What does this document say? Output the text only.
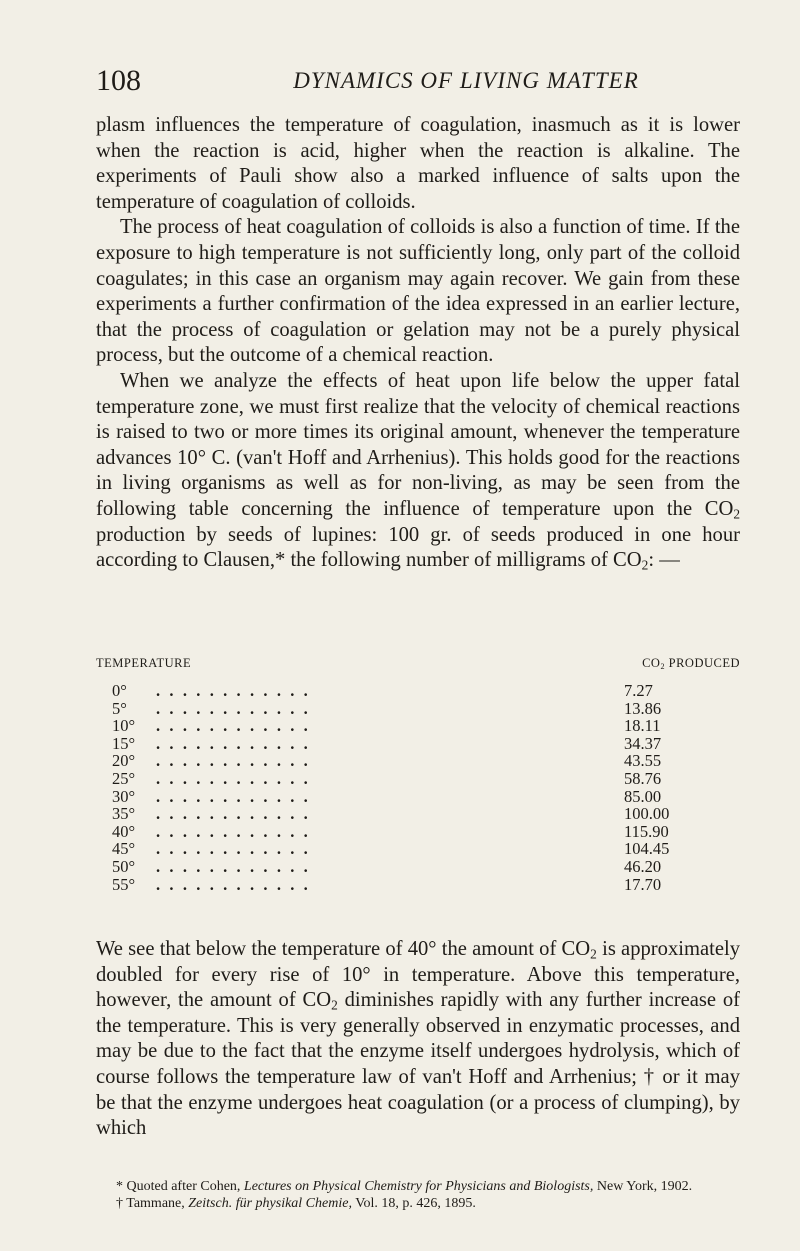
108	DYNAMICS OF LIVING MATTER

plasm influences the temperature of coagulation, inasmuch as it is lower when the reaction is acid, higher when the reaction is alkaline. The experiments of Pauli show also a marked influence of salts upon the temperature of coagulation of colloids.

The process of heat coagulation of colloids is also a function of time. If the exposure to high temperature is not sufficiently long, only part of the colloid coagulates; in this case an organism may again recover. We gain from these experiments a further confirmation of the idea expressed in an earlier lecture, that the process of coagulation or gelation may not be a purely physical process, but the outcome of a chemical reaction.

When we analyze the effects of heat upon life below the upper fatal temperature zone, we must first realize that the velocity of chemical reactions is raised to two or more times its original amount, whenever the temperature advances 10° C. (van't Hoff and Arrhenius). This holds good for the reactions in living organisms as well as for non-living, as may be seen from the following table concerning the influence of temperature upon the $CO_2$ production by seeds of lupines: 100 gr. of seeds produced in one hour according to Clausen,* the following number of milligrams of $CO_2$: —

TEMPERATURE	$CO_2$ PRODUCED
0° ............	7.27
5° ............	13.86
10° ............	18.11
15° ............	34.37
20° ............	43.55
25° ............	58.76
30° ............	85.00
35° ............	100.00
40° ............	115.90
45° ............	104.45
50° ............	46.20
55° ............	17.70

We see that below the temperature of 40° the amount of $CO_2$ is approximately doubled for every rise of 10° in temperature. Above this temperature, however, the amount of $CO_2$ diminishes rapidly with any further increase of the temperature. This is very generally observed in enzymatic processes, and may be due to the fact that the enzyme itself undergoes hydrolysis, which of course follows the temperature law of van't Hoff and Arrhenius; † or it may be that the enzyme undergoes heat coagulation (or a process of clumping), by which

* Quoted after Cohen, Lectures on Physical Chemistry for Physicians and Biologists, New York, 1902.

† Tammane, Zeitsch. für physikal Chemie, Vol. 18, p. 426, 1895.
